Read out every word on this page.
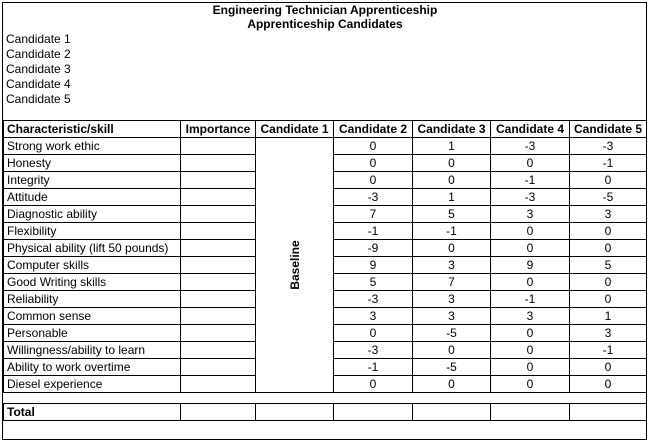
Engineering Technician Apprenticeship
Apprenticeship Candidates
Candidate 1
Candidate 2
Candidate 3
Candidate 4
Candidate 5
Characteristic/skill	Importance	Candidate 1	Candidate 2	Candidate 3	Candidate 4	Candidate 5
Strong work ethic		Baseline	0	1	-3	-3
Honesty			0	0	0	-1
Integrity			0	0	-1	0
Attitude			-3	1	-3	-5
Diagnostic ability			7	5	3	3
Flexibility			-1	-1	0	0
Physical ability (lift 50 pounds)			-9	0	0	0
Computer skills			9	3	9	5
Good Writing skills			5	7	0	0
Reliability			-3	3	-1	0
Common sense			3	3	3	1
Personable			0	-5	0	3
Willingness/ability to learn			-3	0	0	-1
Ability to work overtime			-1	-5	0	0
Diesel experience			0	0	0	0

Total						
